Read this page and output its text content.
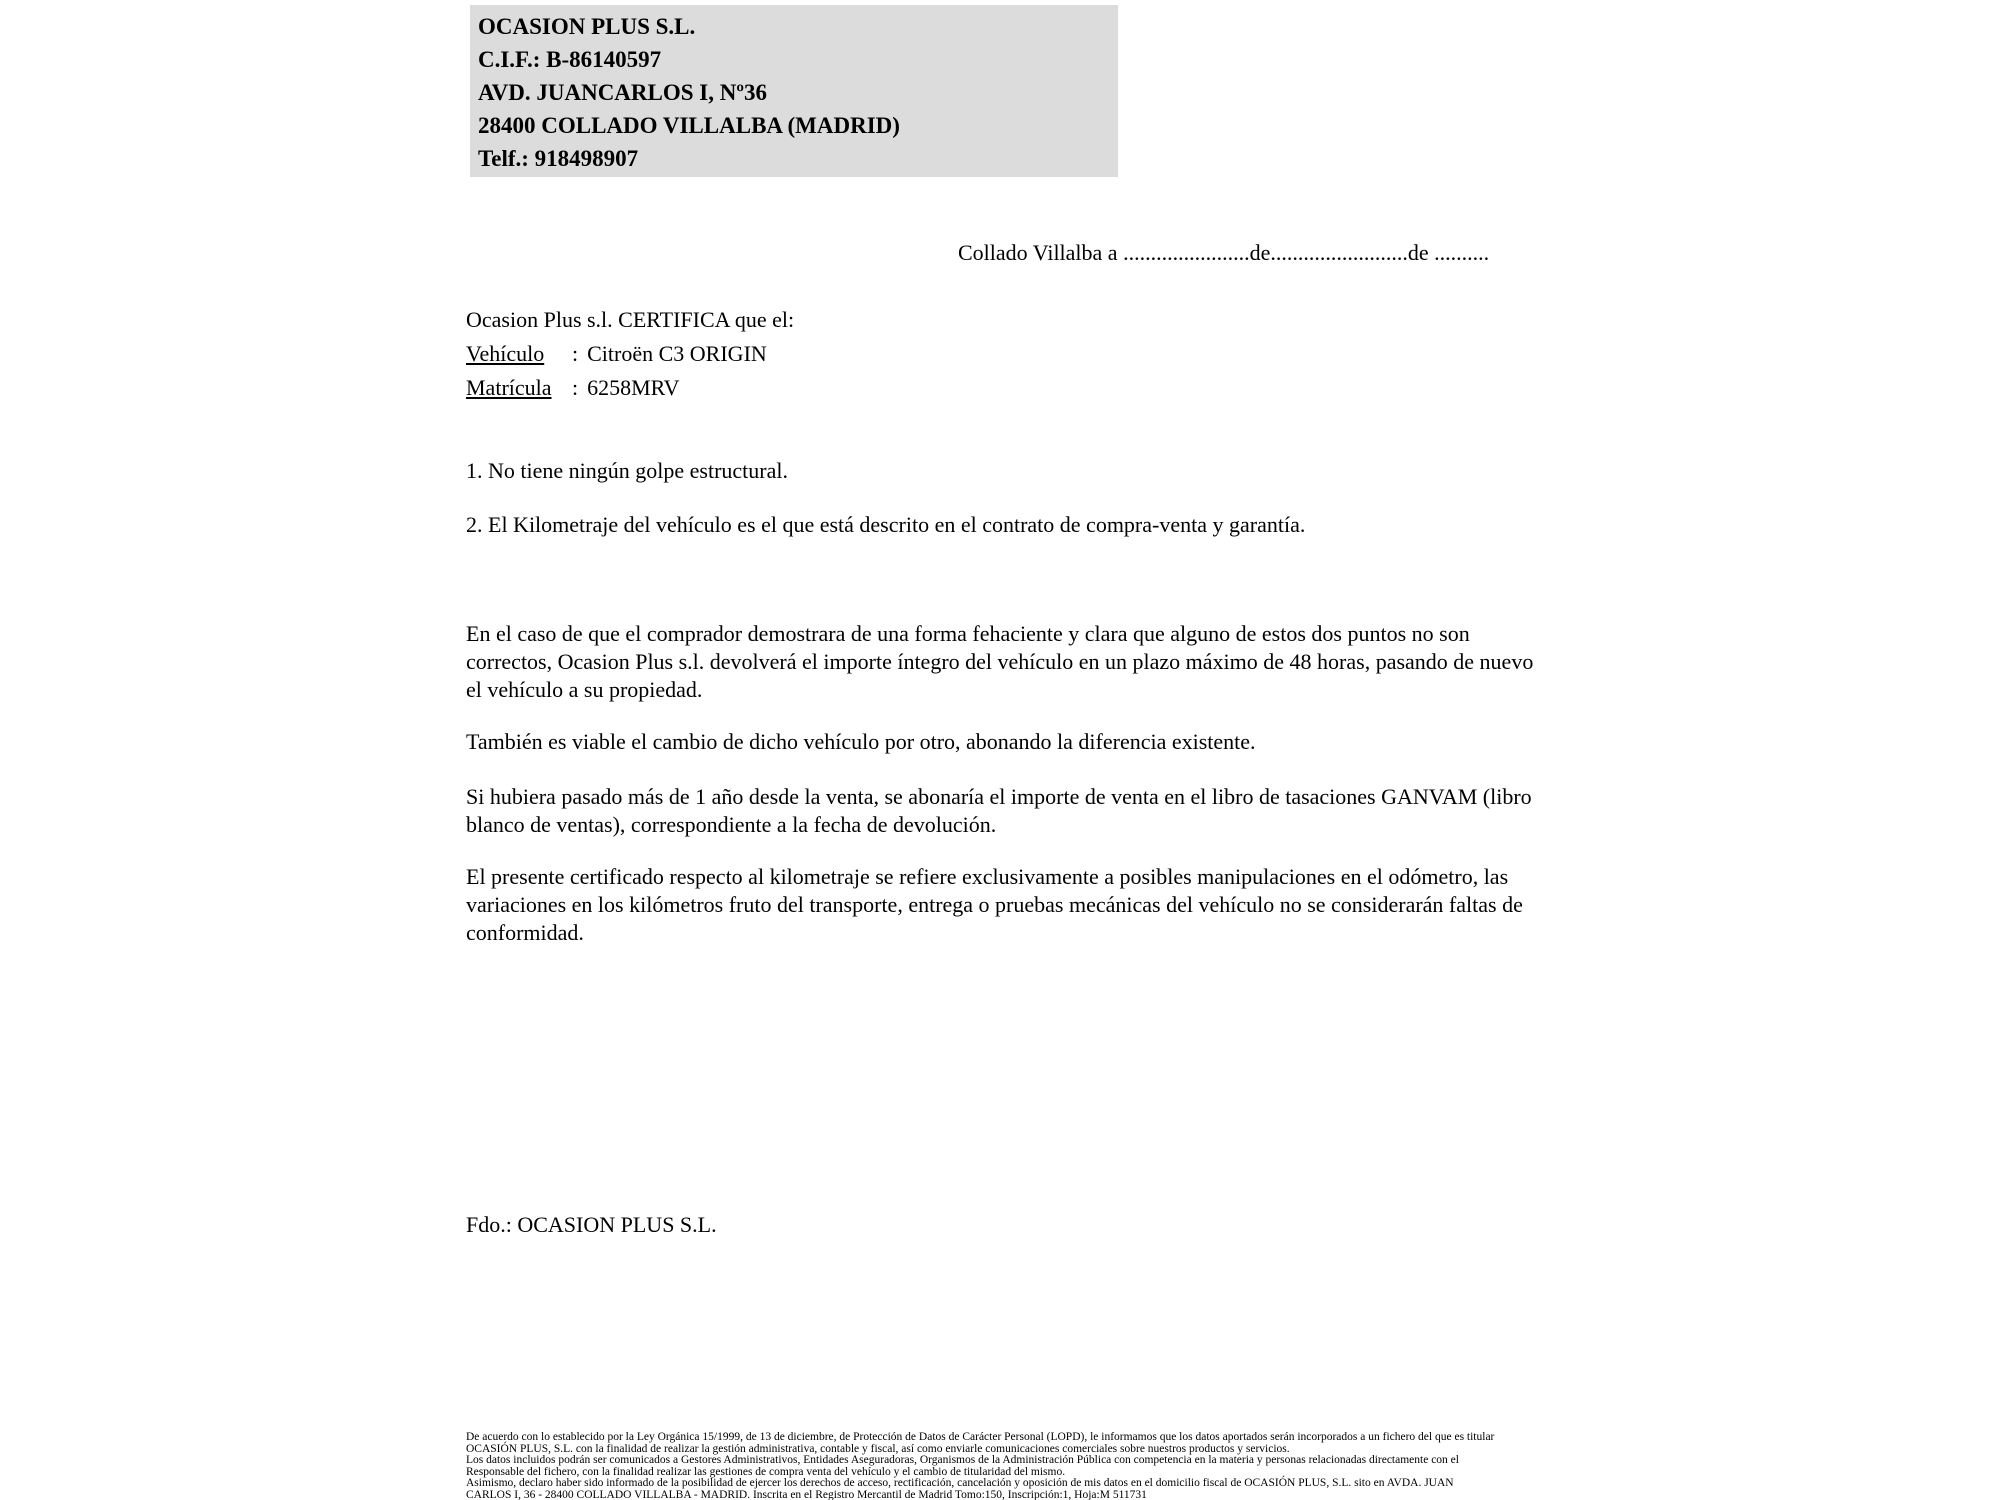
OCASION PLUS S.L.
C.I.F.: B-86140597
AVD. JUANCARLOS I, Nº36
28400 COLLADO VILLALBA (MADRID)
Telf.: 918498907
Collado Villalba a .......................de.........................de ..........
Ocasion Plus s.l. CERTIFICA que el:
Vehículo : Citroën C3 ORIGIN
Matrícula : 6258MRV
1. No tiene ningún golpe estructural.
2. El Kilometraje del vehículo es el que está descrito en el contrato de compra-venta y garantía.
En el caso de que el comprador demostrara de una forma fehaciente y clara que alguno de estos dos puntos no son correctos, Ocasion Plus s.l. devolverá el importe íntegro del vehículo en un plazo máximo de 48 horas, pasando de nuevo el vehículo a su propiedad.
También es viable el cambio de dicho vehículo por otro, abonando la diferencia existente.
Si hubiera pasado más de 1 año desde la venta, se abonaría el importe de venta en el libro de tasaciones GANVAM (libro blanco de ventas), correspondiente a la fecha de devolución.
El presente certificado respecto al kilometraje se refiere exclusivamente a posibles manipulaciones en el odómetro, las variaciones en los kilómetros fruto del transporte, entrega o pruebas mecánicas del vehículo no se considerarán faltas de conformidad.
Fdo.: OCASION PLUS S.L.
De acuerdo con lo establecido por la Ley Orgánica 15/1999, de 13 de diciembre, de Protección de Datos de Carácter Personal (LOPD), le informamos que los datos aportados serán incorporados a un fichero del que es titular
OCASIÓN PLUS, S.L. con la finalidad de realizar la gestión administrativa, contable y fiscal, así como enviarle comunicaciones comerciales sobre nuestros productos y servicios.
Los datos incluidos podrán ser comunicados a Gestores Administrativos, Entidades Aseguradoras, Organismos de la Administración Pública con competencia en la materia y personas relacionadas directamente con el
Responsable del fichero, con la finalidad realizar las gestiones de compra venta del vehículo y el cambio de titularidad del mismo.
Asimismo, declaro haber sido informado de la posibilidad de ejercer los derechos de acceso, rectificación, cancelación y oposición de mis datos en el domicilio fiscal de OCASIÓN PLUS, S.L. sito en AVDA. JUAN
CARLOS I, 36 - 28400 COLLADO VILLALBA - MADRID. Inscrita en el Registro Mercantil de Madrid Tomo:150, Inscripción:1, Hoja:M 511731
